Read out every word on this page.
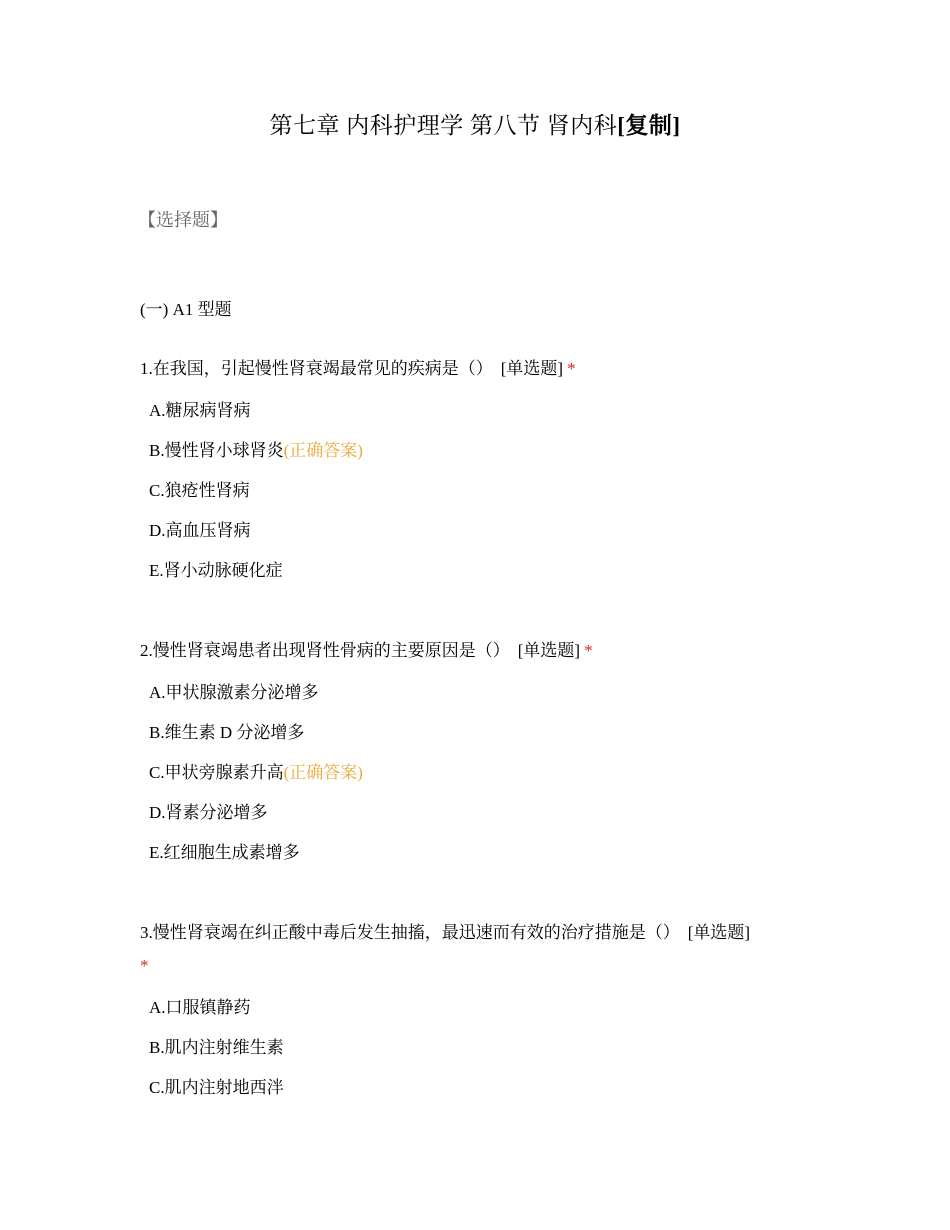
第七章 内科护理学 第八节 肾内科[复制]
【选择题】
(一) A1 型题
1.在我国，引起慢性肾衰竭最常见的疾病是（） [单选题] *
A.糖尿病肾病
B.慢性肾小球肾炎(正确答案)
C.狼疮性肾病
D.高血压肾病
E.肾小动脉硬化症
2.慢性肾衰竭患者出现肾性骨病的主要原因是（） [单选题] *
A.甲状腺激素分泌增多
B.维生素 D 分泌增多
C.甲状旁腺素升高(正确答案)
D.肾素分泌增多
E.红细胞生成素增多
3.慢性肾衰竭在纠正酸中毒后发生抽搐，最迅速而有效的治疗措施是（） [单选题]
*
A.口服镇静药
B.肌内注射维生素
C.肌内注射地西泮
